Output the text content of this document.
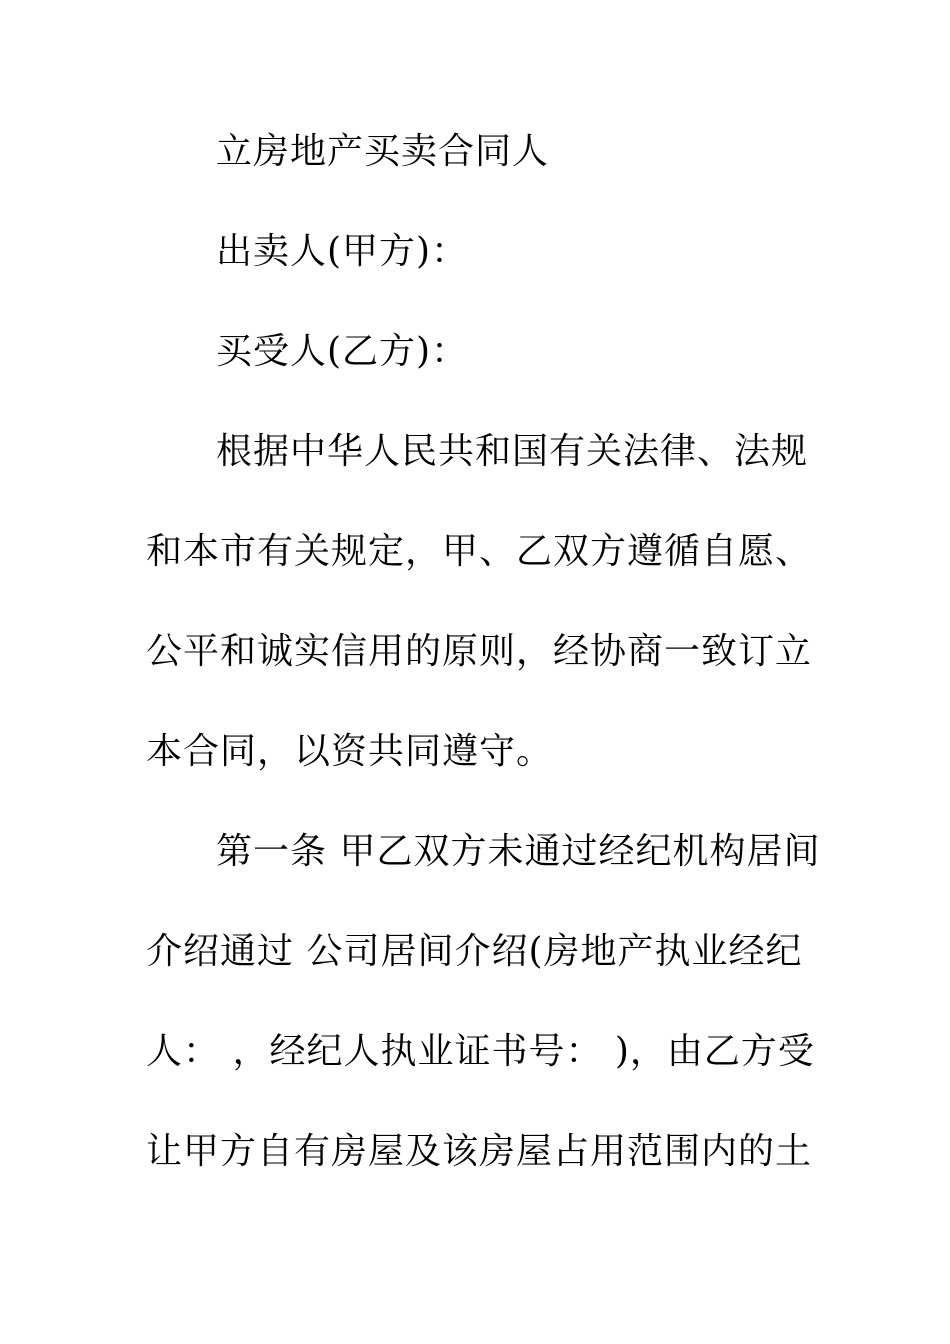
立房地产买卖合同人
出卖人(甲方)：
买受人(乙方)：
根据中华人民共和国有关法律、法规
和本市有关规定，甲、乙双方遵循自愿、
公平和诚实信用的原则，经协商一致订立
本合同，以资共同遵守。
第一条 甲乙双方未通过经纪机构居间
介绍通过 公司居间介绍(房地产执业经纪
人： ，经纪人执业证书号： )，由乙方受
让甲方自有房屋及该房屋占用范围内的土
